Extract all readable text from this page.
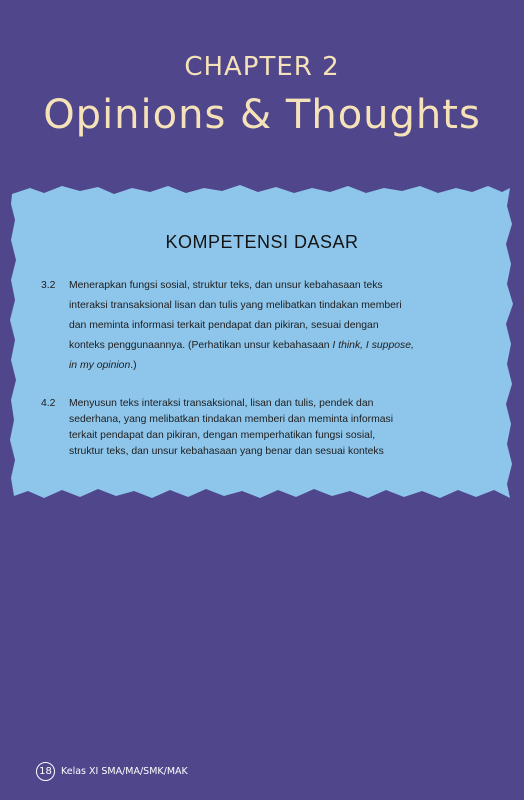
CHAPTER 2
Opinions & Thoughts
KOMPETENSI DASAR
3.2 Menerapkan fungsi sosial, struktur teks, dan unsur kebahasaan teks
interaksi transaksional lisan dan tulis yang melibatkan tindakan memberi
dan meminta informasi terkait pendapat dan pikiran, sesuai dengan
konteks penggunaannya. (Perhatikan unsur kebahasaan I think, I suppose,
in my opinion.)
4.2 Menyusun teks interaksi transaksional, lisan dan tulis, pendek dan
sederhana, yang melibatkan tindakan memberi dan meminta informasi
terkait pendapat dan pikiran, dengan memperhatikan fungsi sosial,
struktur teks, dan unsur kebahasaan yang benar dan sesuai konteks
18 Kelas XI SMA/MA/SMK/MAK
